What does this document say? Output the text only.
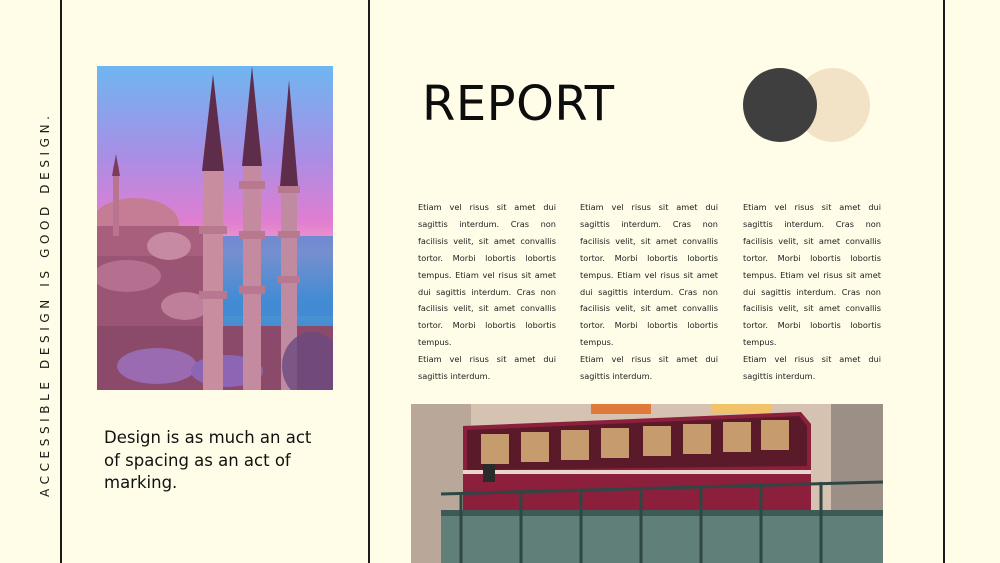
ACCESSIBLE DESIGN IS GOOD DESIGN.	Design is as much an act of spacing as an act of marking.
REPORT

Etiam vel risus sit amet dui sagittis interdum. Cras non facilisis velit, sit amet convallis tortor. Morbi lobortis lobortis tempus. Etiam vel risus sit amet dui sagittis interdum. Cras non facilisis velit, sit amet convallis tortor. Morbi lobortis lobortis tempus.

Etiam vel risus sit amet dui sagittis interdum.

Etiam vel risus sit amet dui sagittis interdum. Cras non facilisis velit, sit amet convallis tortor. Morbi lobortis lobortis tempus. Etiam vel risus sit amet dui sagittis interdum. Cras non facilisis velit, sit amet convallis tortor. Morbi lobortis lobortis tempus.

Etiam vel risus sit amet dui sagittis interdum.

Etiam vel risus sit amet dui sagittis interdum. Cras non facilisis velit, sit amet convallis tortor. Morbi lobortis lobortis tempus. Etiam vel risus sit amet dui sagittis interdum. Cras non facilisis velit, sit amet convallis tortor. Morbi lobortis lobortis tempus.

Etiam vel risus sit amet dui sagittis interdum.
